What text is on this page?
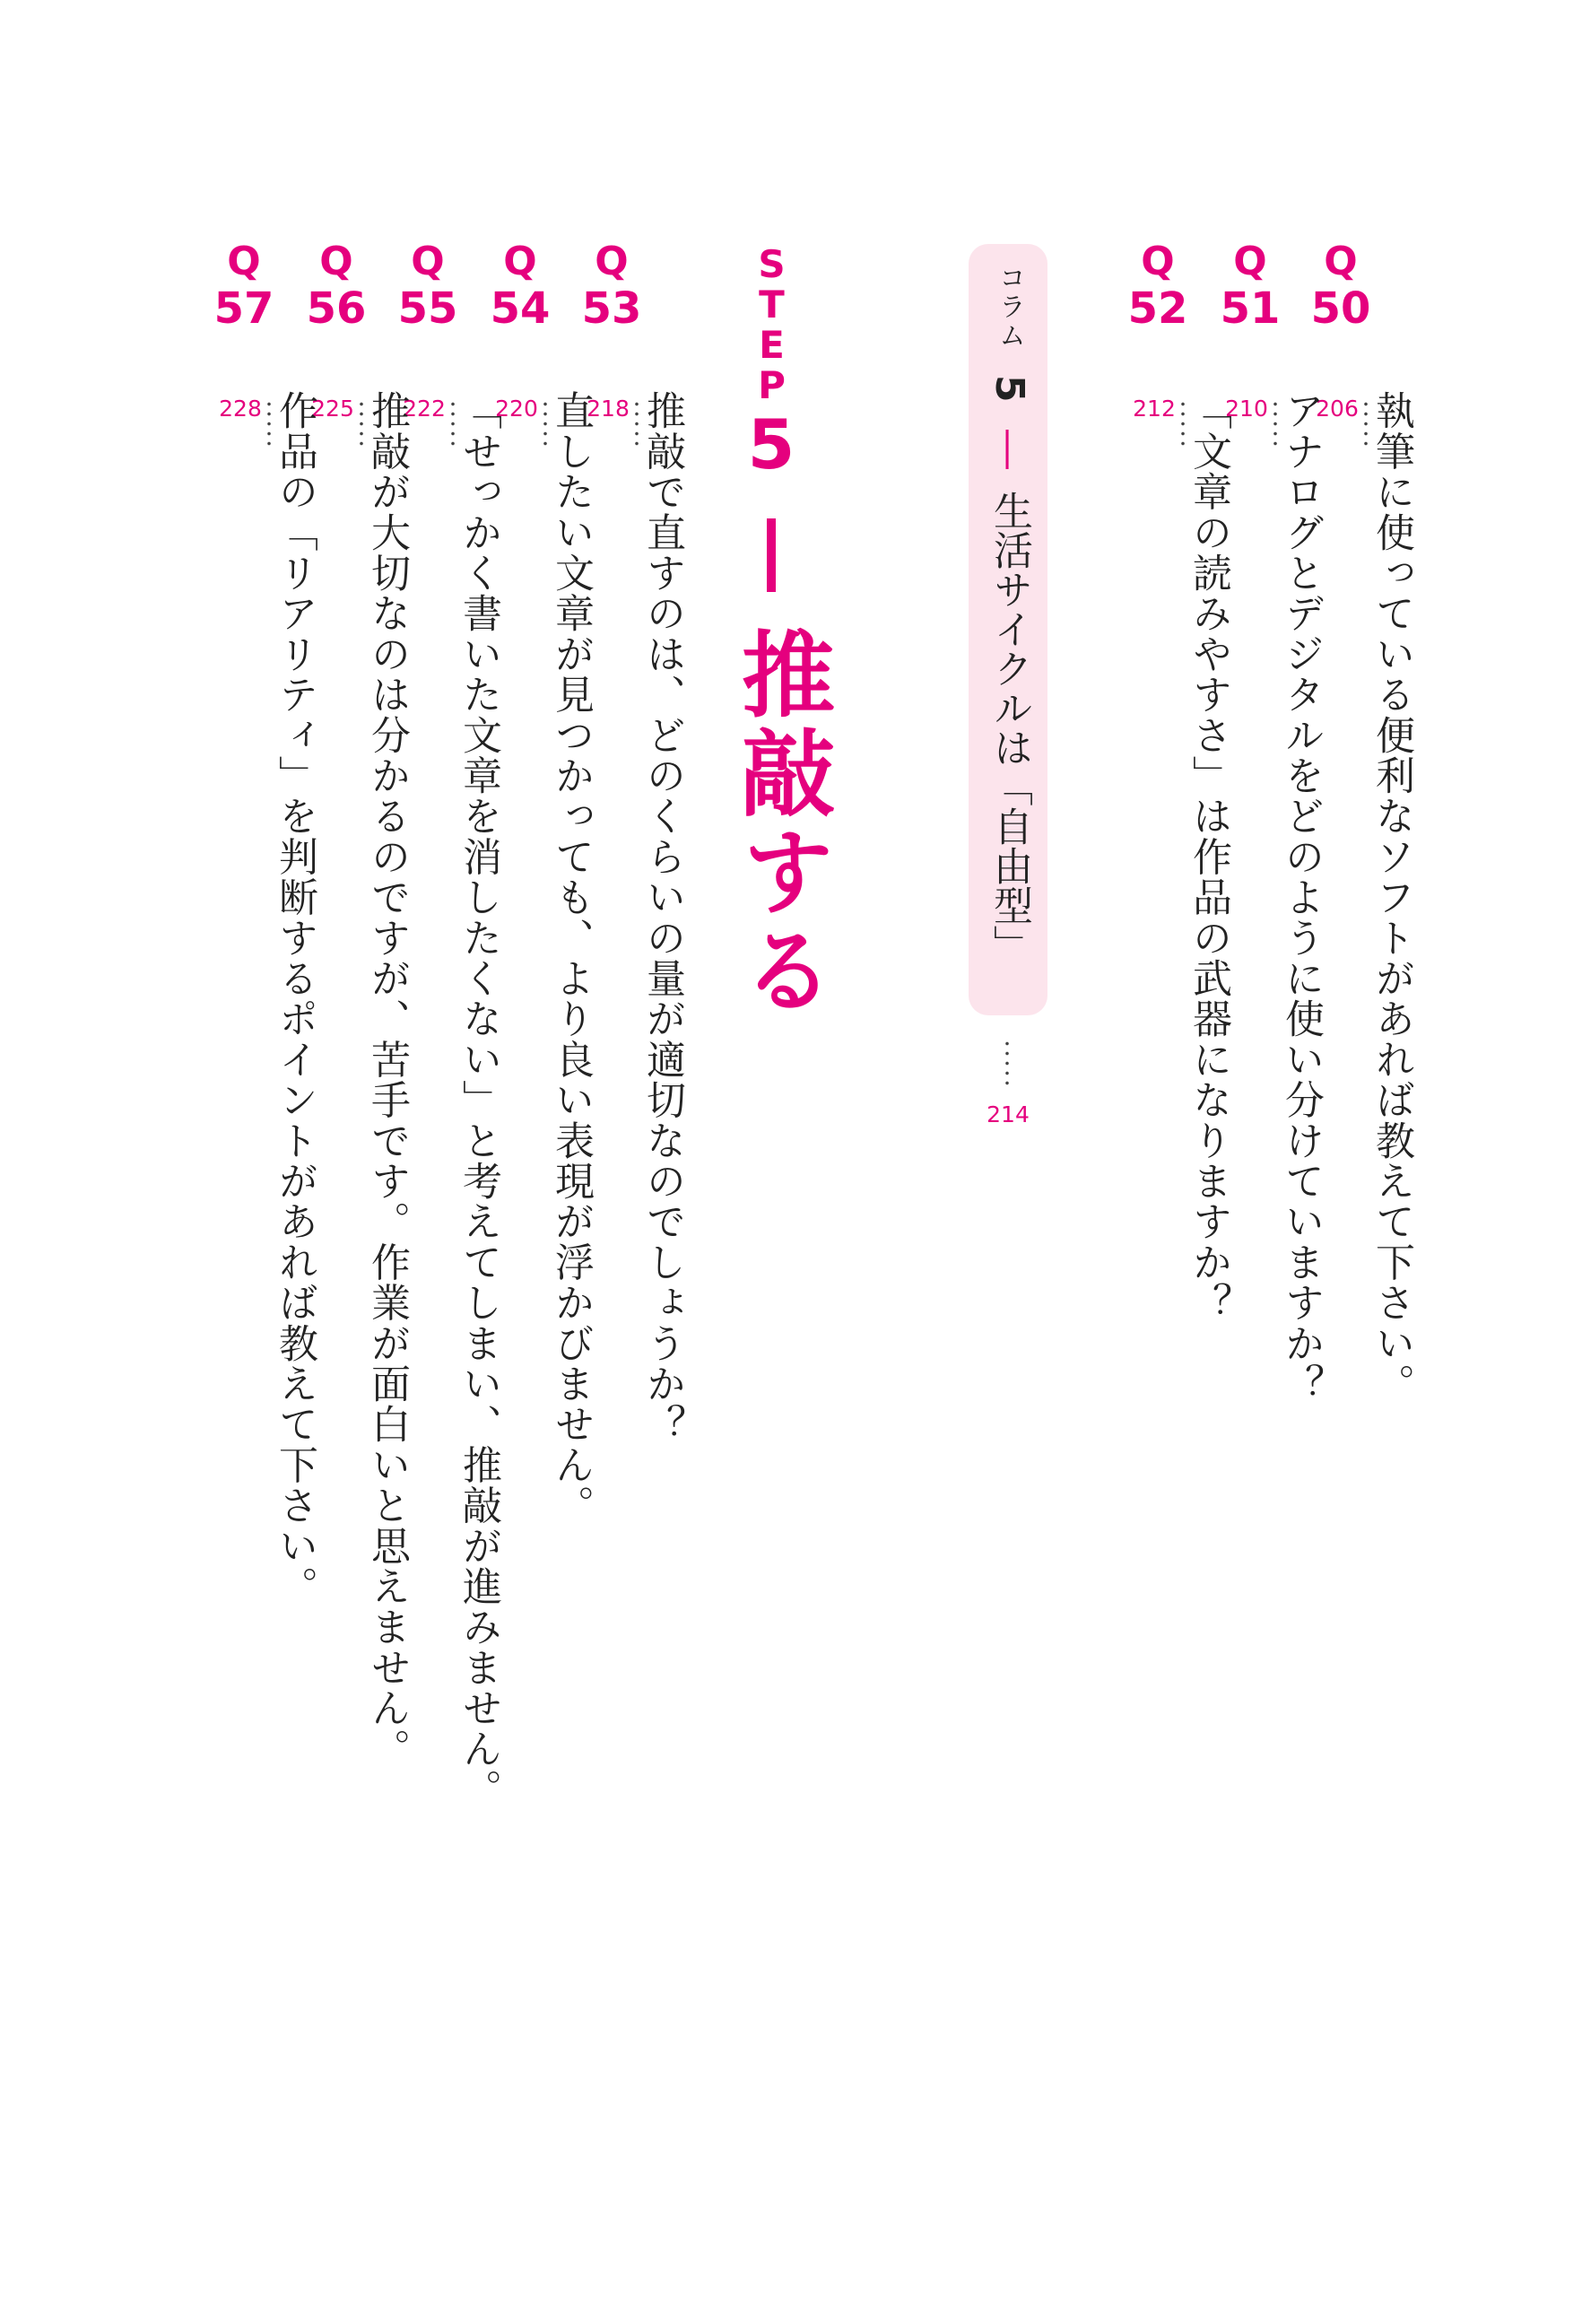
Q
50
執筆に使っている便利なソフトがあれば教えて下さい。
206
Q
51
アナログとデジタルをどのように使い分けていますか？
210
Q
52
「文章の読みやすさ」は作品の武器になりますか？
212
コラム 5 ― 生活サイクルは「自由型」
214
STEP
5
推敲する
Q
53
推敲で直すのは、どのくらいの量が適切なのでしょうか？
218
Q
54
直したい文章が見つかっても、より良い表現が浮かびません。
220
Q
55
「せっかく書いた文章を消したくない」と考えてしまい、推敲が進みません。
222
Q
56
推敲が大切なのは分かるのですが、苦手です。作業が面白いと思えません。
225
Q
57
作品の「リアリティ」を判断するポイントがあれば教えて下さい。
228
